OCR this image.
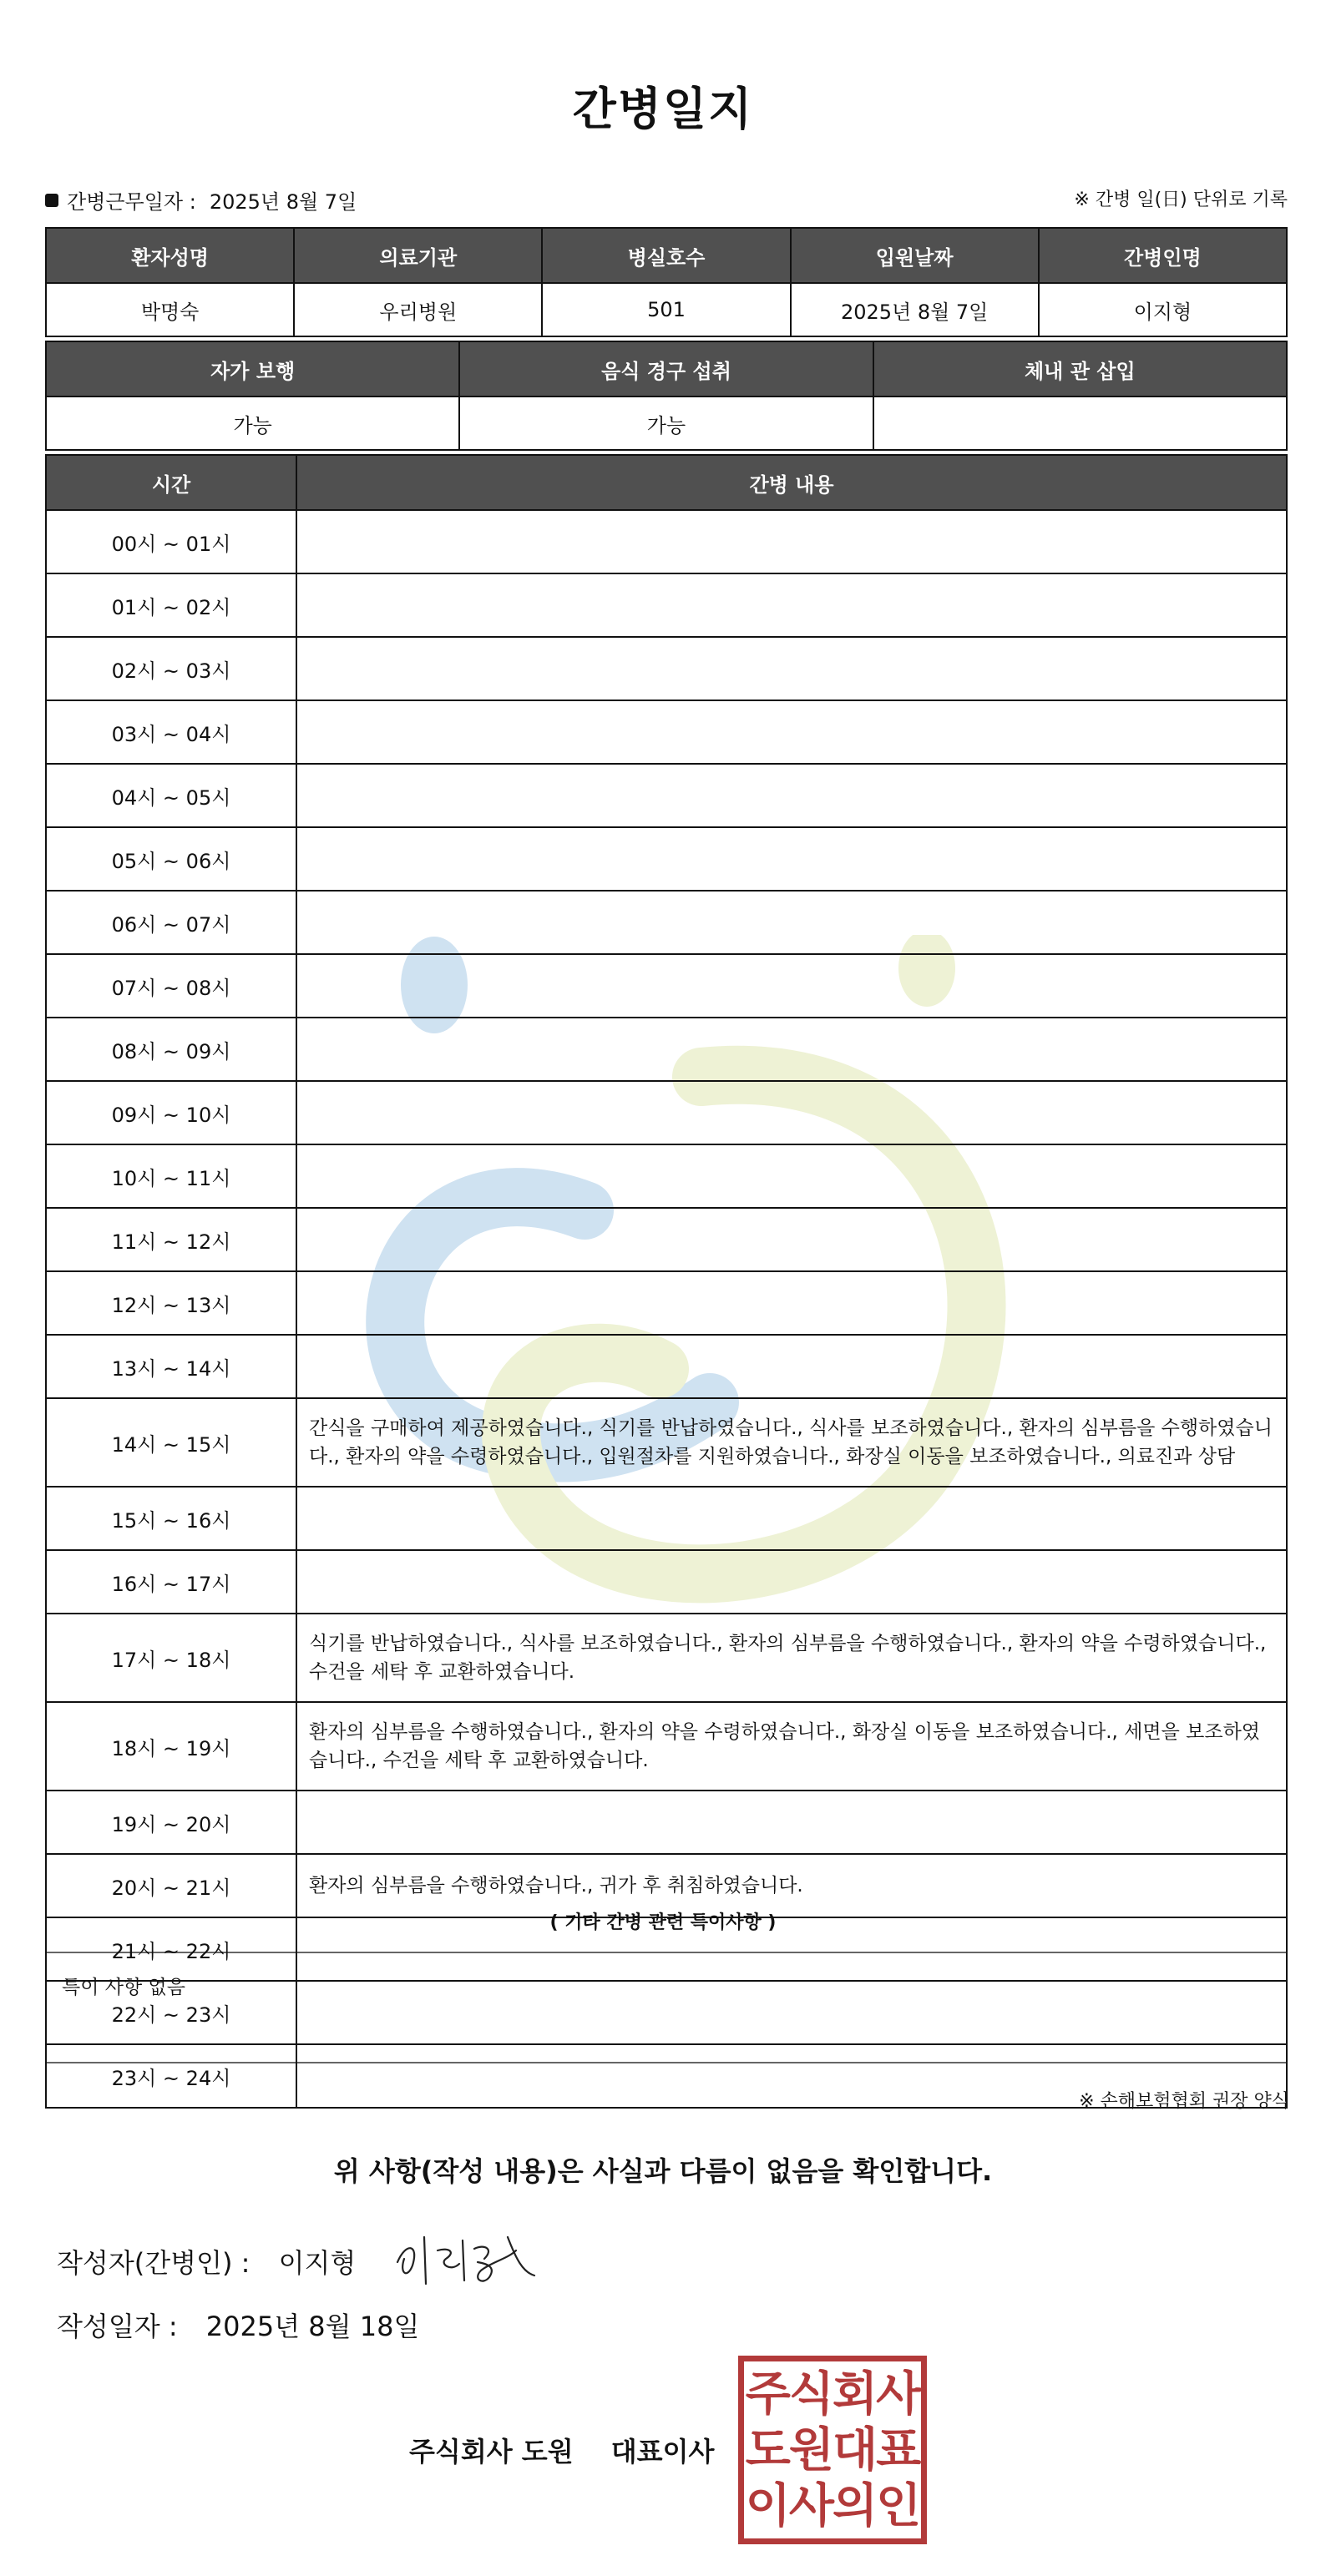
간병일지
간병근무일자 : 2025년 8월 7일	※ 간병 일(日) 단위로 기록
환자성명	의료기관	병실호수	입원날짜	간병인명
박명숙	우리병원	501	2025년 8월 7일	이지형
자가 보행	음식 경구 섭취	체내 관 삽입
가능	가능	
시간	간병 내용
00시 ~ 01시	
01시 ~ 02시	
02시 ~ 03시	
03시 ~ 04시	
04시 ~ 05시	
05시 ~ 06시	
06시 ~ 07시	
07시 ~ 08시	
08시 ~ 09시	
09시 ~ 10시	
10시 ~ 11시	
11시 ~ 12시	
12시 ~ 13시	
13시 ~ 14시	
14시 ~ 15시	간식을 구매하여 제공하였습니다., 식기를 반납하였습니다., 식사를 보조하였습니다., 환자의 심부름을 수행하였습니다., 환자의 약을 수령하였습니다., 입원절차를 지원하였습니다., 화장실 이동을 보조하였습니다., 의료진과 상담
15시 ~ 16시	
16시 ~ 17시	
17시 ~ 18시	식기를 반납하였습니다., 식사를 보조하였습니다., 환자의 심부름을 수행하였습니다., 환자의 약을 수령하였습니다., 수건을 세탁 후 교환하였습니다.
18시 ~ 19시	환자의 심부름을 수행하였습니다., 환자의 약을 수령하였습니다., 화장실 이동을 보조하였습니다., 세면을 보조하였습니다., 수건을 세탁 후 교환하였습니다.
19시 ~ 20시	
20시 ~ 21시	환자의 심부름을 수행하였습니다., 귀가 후 취침하였습니다.
21시 ~ 22시	
22시 ~ 23시	
23시 ~ 24시	
( 기타 간병 관련 특이사항 )
특이 사항 없음
※ 손해보험협회 권장 양식
위 사항(작성 내용)은 사실과 다름이 없음을 확인합니다.
작성자(간병인) : 이지형
작성일자 : 2025년 8월 18일
주식회사 도원 대표이사
주식회사
도원대표
이사의인
